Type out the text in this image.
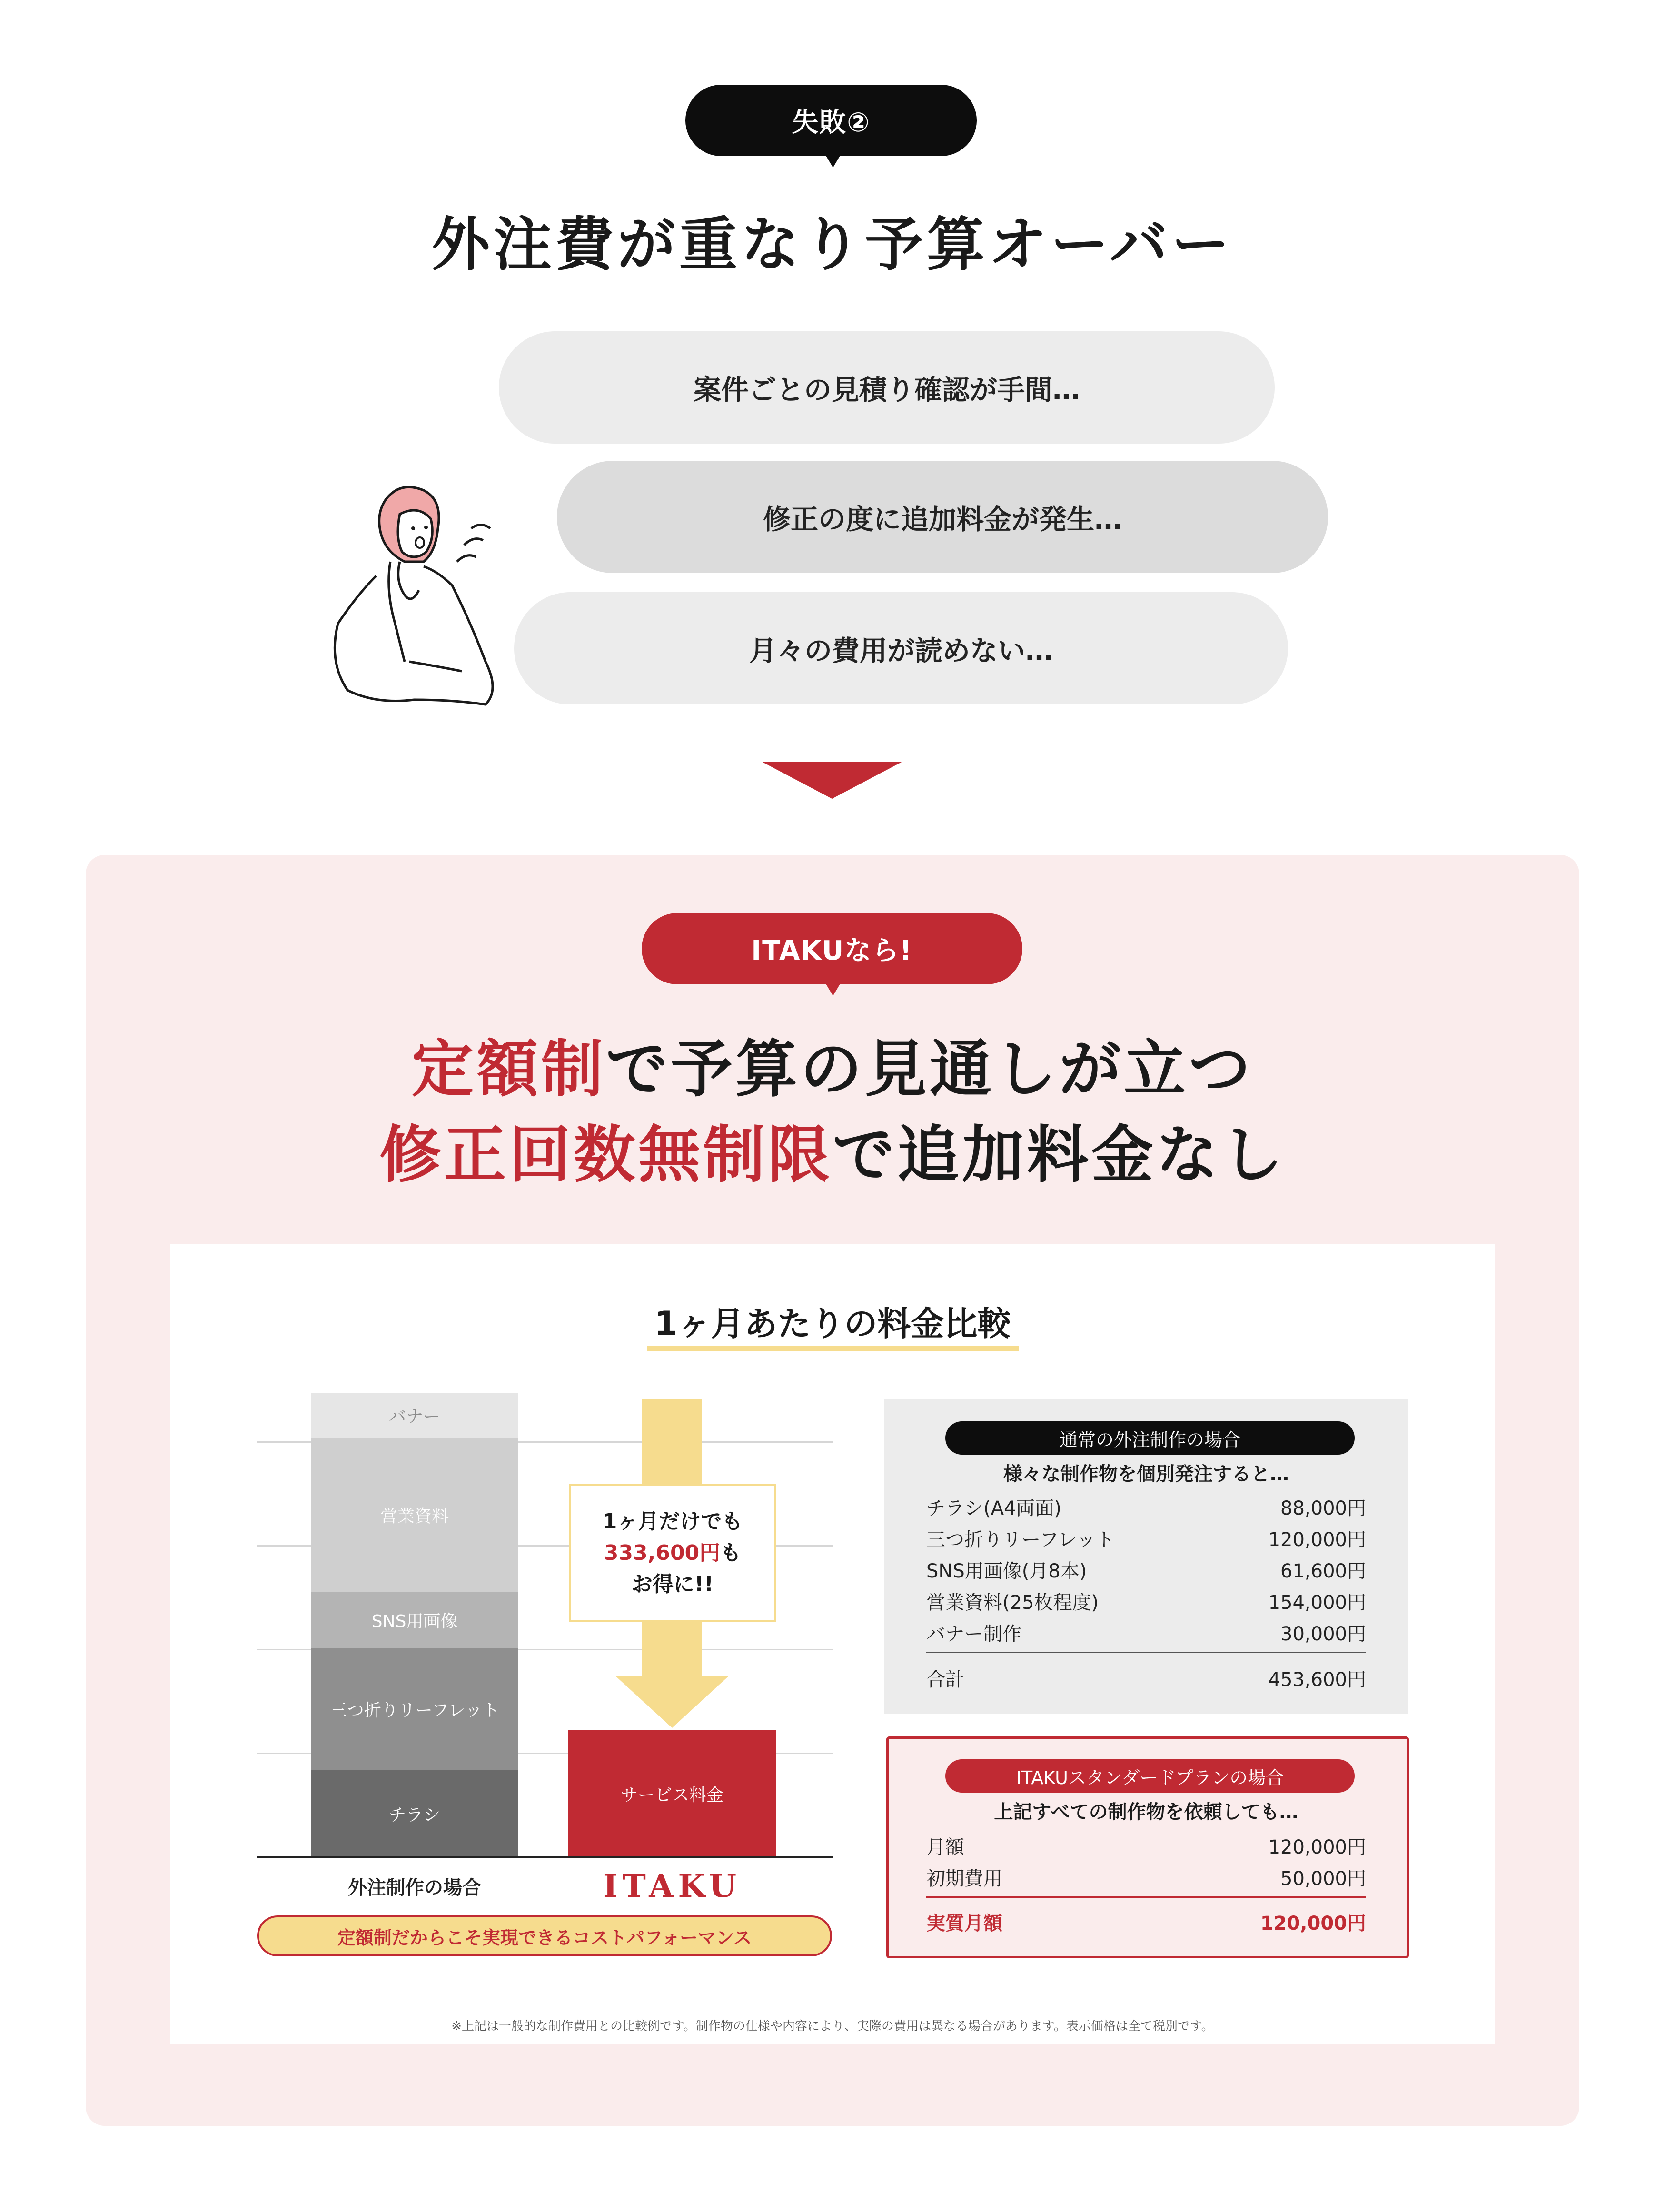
失敗②
外注費が重なり予算オーバー
案件ごとの見積り確認が手間…
修正の度に追加料金が発生…
月々の費用が読めない…
ITAKUなら!
定額制 で予算の見通しが立つ
修正回数無制限 で追加料金なし
1ヶ月あたりの料金比較
バナー
営業資料
SNS用画像
三つ折りリーフレット
チラシ
1ヶ月だけでも
333,600円も
お得に!!
サービス料金
外注制作の場合	ITAKU
定額制だからこそ実現できるコストパフォーマンス
通常の外注制作の場合
様々な制作物を個別発注すると…
チラシ(A4両面)	88,000円
三つ折りリーフレット	120,000円
SNS用画像(月8本)	61,600円
営業資料(25枚程度)	154,000円
バナー制作	30,000円
合計	453,600円
ITAKUスタンダードプランの場合
上記すべての制作物を依頼しても…
月額	120,000円
初期費用	50,000円
実質月額	120,000円
※上記は一般的な制作費用との比較例です。制作物の仕様や内容により、実際の費用は異なる場合があります。表示価格は全て税別です。
